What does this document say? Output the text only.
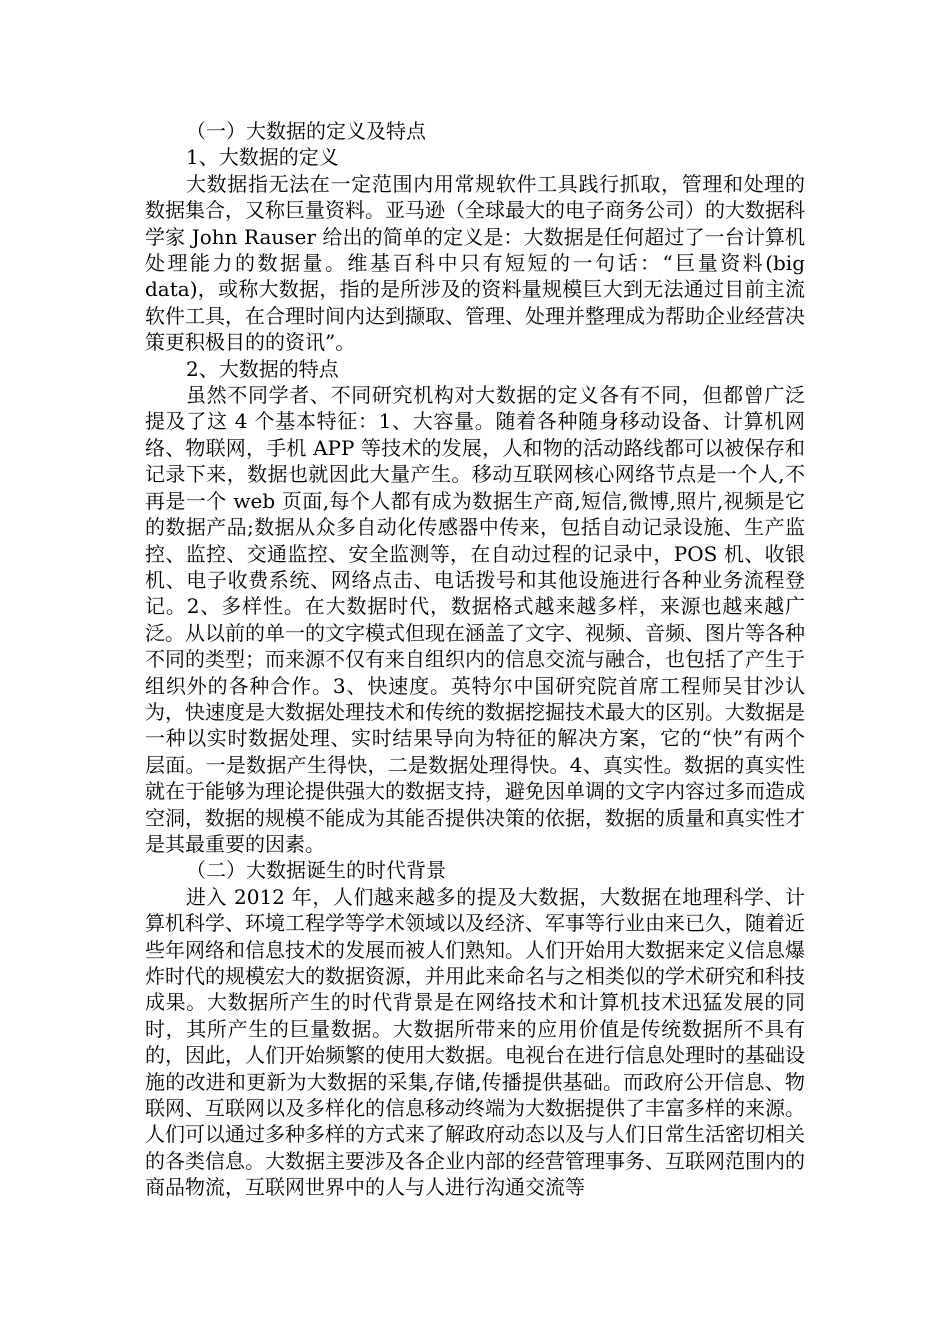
（一）大数据的定义及特点

1、大数据的定义

大数据指无法在一定范围内用常规软件工具践行抓取，管理和处理的数据集合，又称巨量资料。亚马逊（全球最大的电子商务公司）的大数据科学家 John Rauser 给出的简单的定义是：大数据是任何超过了一台计算机处理能力的数据量。维基百科中只有短短的一句话：“巨量资料(big data)，或称大数据，指的是所涉及的资料量规模巨大到无法通过目前主流软件工具，在合理时间内达到撷取、管理、处理并整理成为帮助企业经营决策更积极目的的资讯”。

2、大数据的特点

虽然不同学者、不同研究机构对大数据的定义各有不同，但都曾广泛提及了这 4 个基本特征：1、大容量。随着各种随身移动设备、计算机网络、物联网，手机 APP 等技术的发展，人和物的活动路线都可以被保存和记录下来，数据也就因此大量产生。移动互联网核心网络节点是一个人,不再是一个 web 页面,每个人都有成为数据生产商,短信,微博,照片,视频是它的数据产品;数据从众多自动化传感器中传来，包括自动记录设施、生产监控、监控、交通监控、安全监测等，在自动过程的记录中，POS 机、收银机、电子收费系统、网络点击、电话拨号和其他设施进行各种业务流程登记。2、多样性。在大数据时代，数据格式越来越多样，来源也越来越广泛。从以前的单一的文字模式但现在涵盖了文字、视频、音频、图片等各种不同的类型；而来源不仅有来自组织内的信息交流与融合，也包括了产生于组织外的各种合作。3、快速度。英特尔中国研究院首席工程师吴甘沙认为，快速度是大数据处理技术和传统的数据挖掘技术最大的区别。大数据是一种以实时数据处理、实时结果导向为特征的解决方案，它的“快”有两个层面。一是数据产生得快，二是数据处理得快。4、真实性。数据的真实性就在于能够为理论提供强大的数据支持，避免因单调的文字内容过多而造成空洞，数据的规模不能成为其能否提供决策的依据，数据的质量和真实性才是其最重要的因素。

（二）大数据诞生的时代背景

进入 2012 年，人们越来越多的提及大数据，大数据在地理科学、计算机科学、环境工程学等学术领域以及经济、军事等行业由来已久，随着近些年网络和信息技术的发展而被人们熟知。人们开始用大数据来定义信息爆炸时代的规模宏大的数据资源，并用此来命名与之相类似的学术研究和科技成果。大数据所产生的时代背景是在网络技术和计算机技术迅猛发展的同时，其所产生的巨量数据。大数据所带来的应用价值是传统数据所不具有的，因此，人们开始频繁的使用大数据。电视台在进行信息处理时的基础设施的改进和更新为大数据的采集,存储,传播提供基础。而政府公开信息、物联网、互联网以及多样化的信息移动终端为大数据提供了丰富多样的来源。人们可以通过多种多样的方式来了解政府动态以及与人们日常生活密切相关的各类信息。大数据主要涉及各企业内部的经营管理事务、互联网范围内的商品物流，互联网世界中的人与人进行沟通交流等
